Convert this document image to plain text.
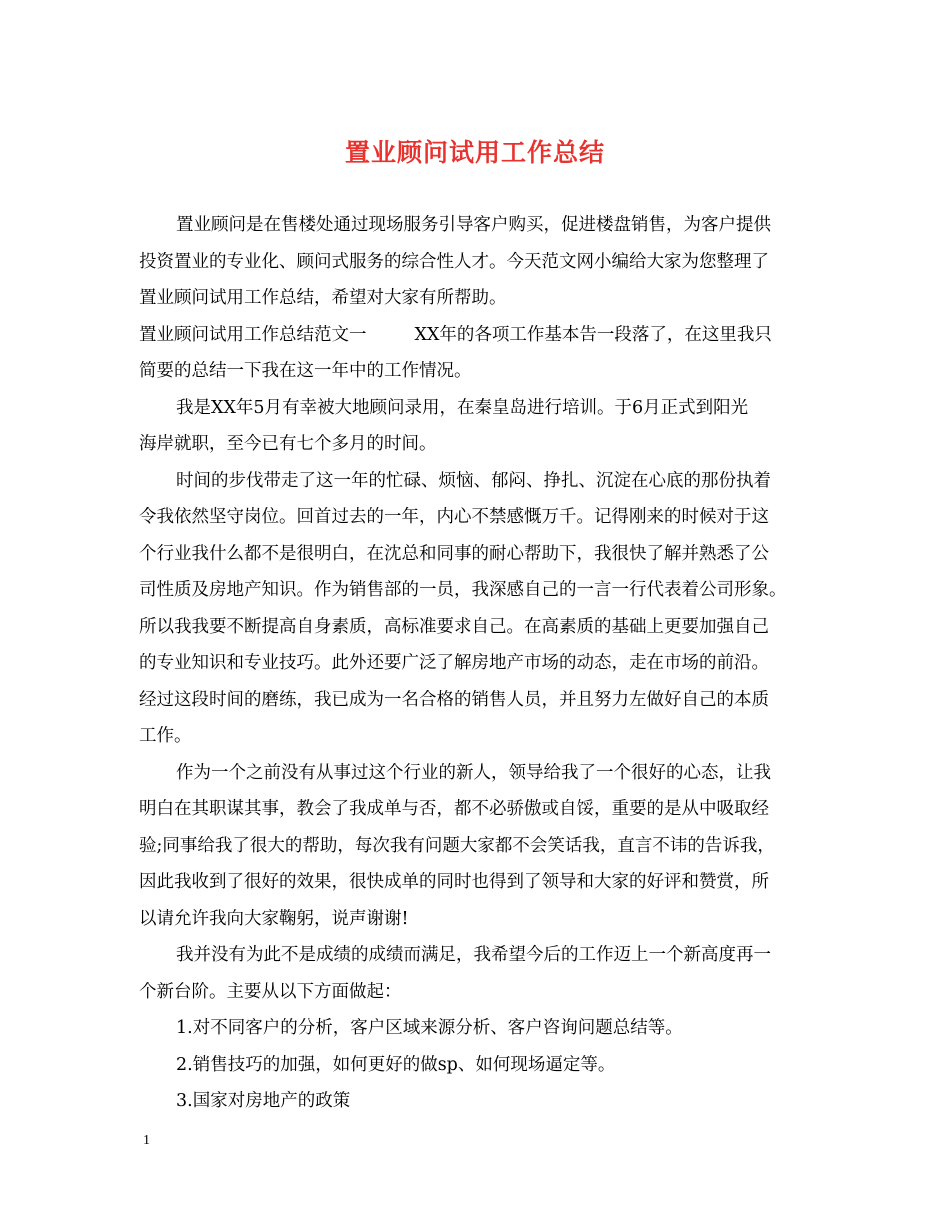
置业顾问试用工作总结
置业顾问是在售楼处通过现场服务引导客户购买，促进楼盘销售，为客户提供
投资置业的专业化、顾问式服务的综合性人才。今天范文网小编给大家为您整理了
置业顾问试用工作总结，希望对大家有所帮助。
置业顾问试用工作总结范文一	XX年的各项工作基本告一段落了，在这里我只
简要的总结一下我在这一年中的工作情况。
我是XX年5月有幸被大地顾问录用，在秦皇岛进行培训。于6月正式到阳光
海岸就职，至今已有七个多月的时间。
时间的步伐带走了这一年的忙碌、烦恼、郁闷、挣扎、沉淀在心底的那份执着
令我依然坚守岗位。回首过去的一年，内心不禁感慨万千。记得刚来的时候对于这
个行业我什么都不是很明白，在沈总和同事的耐心帮助下，我很快了解并熟悉了公
司性质及房地产知识。作为销售部的一员，我深感自己的一言一行代表着公司形象。
所以我我要不断提高自身素质，高标准要求自己。在高素质的基础上更要加强自己
的专业知识和专业技巧。此外还要广泛了解房地产市场的动态，走在市场的前沿。
经过这段时间的磨练，我已成为一名合格的销售人员，并且努力左做好自己的本质
工作。
作为一个之前没有从事过这个行业的新人，领导给我了一个很好的心态，让我
明白在其职谋其事，教会了我成单与否，都不必骄傲或自馁，重要的是从中吸取经
验;同事给我了很大的帮助，每次我有问题大家都不会笑话我，直言不讳的告诉我，
因此我收到了很好的效果，很快成单的同时也得到了领导和大家的好评和赞赏，所
以请允许我向大家鞠躬，说声谢谢!
我并没有为此不是成绩的成绩而满足，我希望今后的工作迈上一个新高度再一
个新台阶。主要从以下方面做起：
1.对不同客户的分析，客户区域来源分析、客户咨询问题总结等。
2.销售技巧的加强，如何更好的做sp、如何现场逼定等。
3.国家对房地产的政策
1
